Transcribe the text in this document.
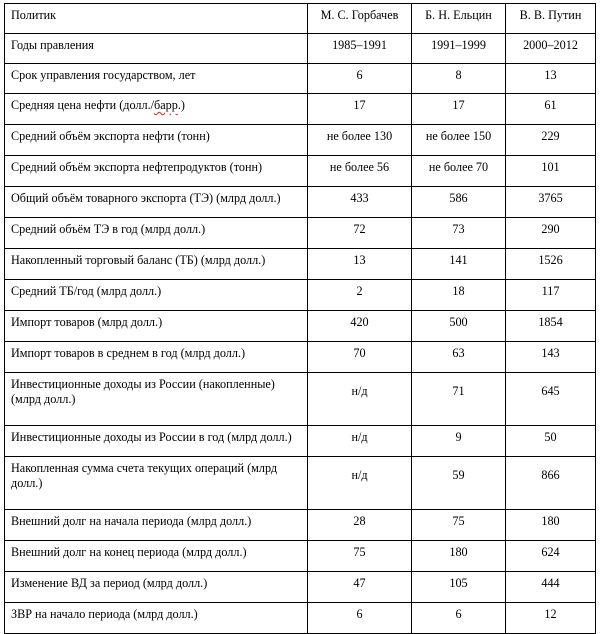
Политик	М. С. Горбачев	Б. Н. Ельцин	В. В. Путин
Годы правления	1985–1991	1991–1999	2000–2012
Срок управления государством, лет	6	8	13
Средняя цена нефти (долл./барр.)	17	17	61
Средний объём экспорта нефти (тонн)	не более 130	не более 150	229
Средний объём экспорта нефтепродуктов (тонн)	не более 56	не более 70	101
Общий объём товарного экспорта (ТЭ) (млрд долл.)	433	586	3765
Средний объём ТЭ в год (млрд долл.)	72	73	290
Накопленный торговый баланс (ТБ) (млрд долл.)	13	141	1526
Средний ТБ/год (млрд долл.)	2	18	117
Импорт товаров (млрд долл.)	420	500	1854
Импорт товаров в среднем в год (млрд долл.)	70	63	143
Инвестиционные доходы из России (накопленные)
(млрд долл.)	н/д	71	645
Инвестиционные доходы из России в год (млрд долл.)	н/д	9	50
Накопленная сумма счета текущих операций (млрд
долл.)	н/д	59	866
Внешний долг на начала периода (млрд долл.)	28	75	180
Внешний долг на конец периода (млрд долл.)	75	180	624
Изменение ВД за период (млрд долл.)	47	105	444
ЗВР на начало периода (млрд долл.)	6	6	12
